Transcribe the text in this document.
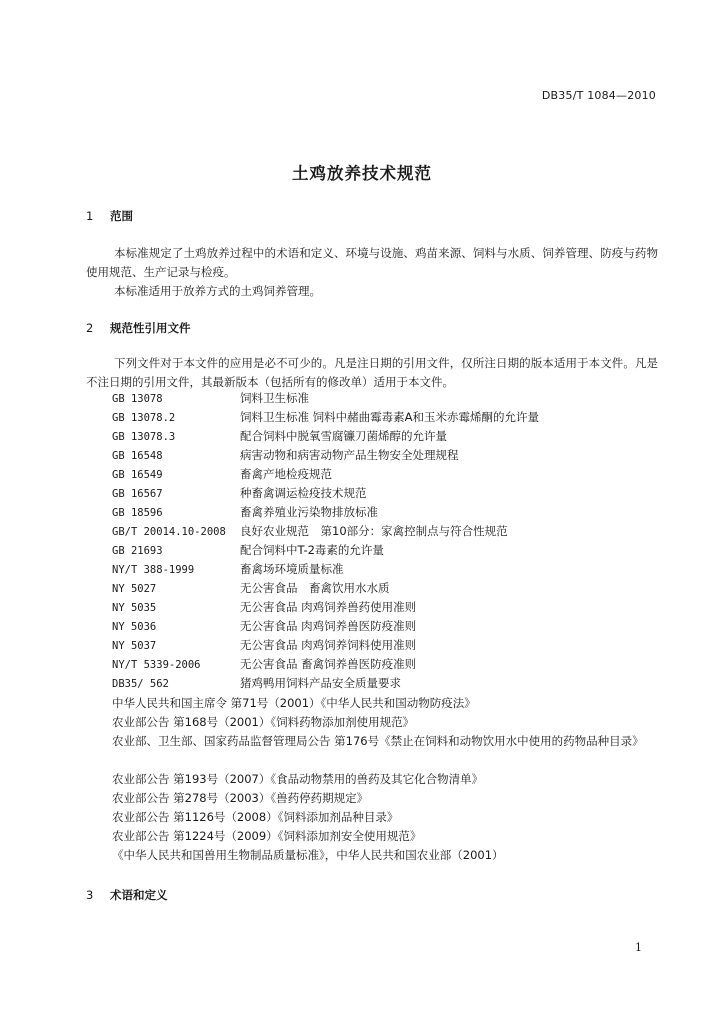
DB35/T 1084—2010
土鸡放养技术规范
1 范围
本标准规定了土鸡放养过程中的术语和定义、环境与设施、鸡苗来源、饲料与水质、饲养管理、防疫与药物使用规范、生产记录与检疫。
本标准适用于放养方式的土鸡饲养管理。
2 规范性引用文件
下列文件对于本文件的应用是必不可少的。凡是注日期的引用文件，仅所注日期的版本适用于本文件。凡是不注日期的引用文件，其最新版本（包括所有的修改单）适用于本文件。
GB 13078	饲料卫生标准
GB 13078.2	饲料卫生标准 饲料中赭曲霉毒素A和玉米赤霉烯酮的允许量
GB 13078.3	配合饲料中脱氧雪腐镰刀菌烯醇的允许量
GB 16548	病害动物和病害动物产品生物安全处理规程
GB 16549	畜禽产地检疫规范
GB 16567	种畜禽调运检疫技术规范
GB 18596	畜禽养殖业污染物排放标准
GB/T 20014.10-2008 良好农业规范　第10部分：家禽控制点与符合性规范
GB 21693	配合饲料中T-2毒素的允许量
NY/T 388-1999	畜禽场环境质量标准
NY 5027	无公害食品　畜禽饮用水水质
NY 5035	无公害食品 肉鸡饲养兽药使用准则
NY 5036	无公害食品 肉鸡饲养兽医防疫准则
NY 5037	无公害食品 肉鸡饲养饲料使用准则
NY/T 5339-2006	无公害食品 畜禽饲养兽医防疫准则
DB35/ 562	猪鸡鸭用饲料产品安全质量要求
中华人民共和国主席令 第71号（2001）《中华人民共和国动物防疫法》
农业部公告 第168号（2001）《饲料药物添加剂使用规范》
农业部、卫生部、国家药品监督管理局公告 第176号《禁止在饲料和动物饮用水中使用的药物品种目录》
农业部公告 第193号（2007）《食品动物禁用的兽药及其它化合物清单》
农业部公告 第278号（2003）《兽药停药期规定》
农业部公告 第1126号（2008）《饲料添加剂品种目录》
农业部公告 第1224号（2009）《饲料添加剂安全使用规范》
《中华人民共和国兽用生物制品质量标准》，中华人民共和国农业部（2001）
3 术语和定义
1
